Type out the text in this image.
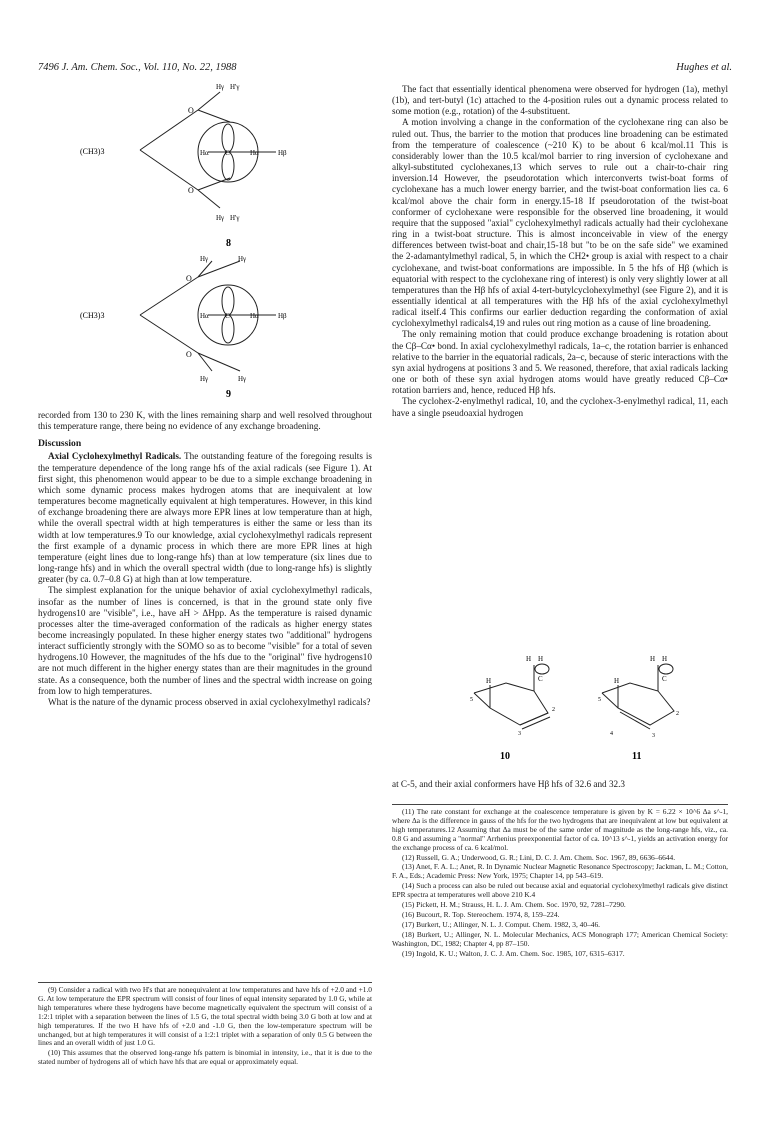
7496 J. Am. Chem. Soc., Vol. 110, No. 22, 1988	Hughes et al.
(CH3)3
O
O
Hγ H'γ
Hγ H'γ
Hα C	Hα	Hβ
8
(CH3)3
O
O
Hγ	Hγ
Hγ	Hγ
Hα C	Hα	Hβ
9

recorded from 130 to 230 K, with the lines remaining sharp and well resolved throughout this temperature range, there being no evidence of any exchange broadening.

Discussion

Axial Cyclohexylmethyl Radicals. The outstanding feature of the foregoing results is the temperature dependence of the long range hfs of the axial radicals (see Figure 1). At first sight, this phenomenon would appear to be due to a simple exchange broadening in which some dynamic process makes hydrogen atoms that are inequivalent at low temperatures become magnetically equivalent at high temperatures. However, in this kind of exchange broadening there are always more EPR lines at low temperature than at high, while the overall spectral width at high temperatures is either the same or less than its width at low temperatures.9 To our knowledge, axial cyclohexylmethyl radicals represent the first example of a dynamic process in which there are more EPR lines at high temperature (eight lines due to long-range hfs) than at low temperature (six lines due to long-range hfs) and in which the overall spectral width (due to long-range hfs) is slightly greater (by ca. 0.7–0.8 G) at high than at low temperature.

The simplest explanation for the unique behavior of axial cyclohexylmethyl radicals, insofar as the number of lines is concerned, is that in the ground state only five hydrogens10 are "visible", i.e., have aH > ΔHpp. As the temperature is raised dynamic processes alter the time-averaged conformation of the radicals as higher energy states become increasingly populated. In these higher energy states two "additional" hydrogens interact sufficiently strongly with the SOMO so as to become "visible" for a total of seven hydrogens.10 However, the magnitudes of the hfs due to the "original" five hydrogens10 are not much different in the higher energy states than are their magnitudes in the ground state. As a consequence, both the number of lines and the spectral width increase on going from low to high temperatures.

What is the nature of the dynamic process observed in axial cyclohexylmethyl radicals?

(9) Consider a radical with two H's that are nonequivalent at low temperatures and have hfs of +2.0 and +1.0 G. At low temperature the EPR spectrum will consist of four lines of equal intensity separated by 1.0 G, while at high temperatures where these hydrogens have become magnetically equivalent the spectrum will consist of a 1:2:1 triplet with a separation between the lines of 1.5 G, the total spectral width being 3.0 G both at low and at high temperatures. If the two H have hfs of +2.0 and -1.0 G, then the low-temperature spectrum will be unchanged, but at high temperatures it will consist of a 1:2:1 triplet with a separation of only 0.5 G between the lines and an overall width of just 1.0 G.

(10) This assumes that the observed long-range hfs pattern is binomial in intensity, i.e., that it is due to the stated number of hydrogens all of which have hfs that are equal or approximately equal.

The fact that essentially identical phenomena were observed for hydrogen (1a), methyl (1b), and tert-butyl (1c) attached to the 4-position rules out a dynamic process related to some motion (e.g., rotation) of the 4-substituent.

A motion involving a change in the conformation of the cyclohexane ring can also be ruled out. Thus, the barrier to the motion that produces line broadening can be estimated from the temperature of coalescence (~210 K) to be about 6 kcal/mol.11 This is considerably lower than the 10.5 kcal/mol barrier to ring inversion of cyclohexane and alkyl-substituted cyclohexanes,13 which serves to rule out a chair-to-chair ring inversion.14 However, the pseudorotation which interconverts twist-boat forms of cyclohexane has a much lower energy barrier, and the twist-boat conformation lies ca. 6 kcal/mol above the chair form in energy.15-18 If pseudorotation of the twist-boat conformer of cyclohexane were responsible for the observed line broadening, it would require that the supposed "axial" cyclohexylmethyl radicals actually had their cyclohexane ring in a twist-boat structure. This is almost inconceivable in view of the energy differences between twist-boat and chair,15-18 but "to be on the safe side" we examined the 2-adamantylmethyl radical, 5, in which the CH2• group is axial with respect to a chair cyclohexane, and twist-boat conformations are impossible. In 5 the hfs of Hβ (which is equatorial with respect to the cyclohexane ring of interest) is only very slightly lower at all temperatures than the Hβ hfs of axial 4-tert-butylcyclohexylmethyl (see Figure 2), and it is essentially identical at all temperatures with the Hβ hfs of the axial cyclohexylmethyl radical itself.4 This confirms our earlier deduction regarding the conformation of axial cyclohexylmethyl radicals4,19 and rules out ring motion as a cause of line broadening.

The only remaining motion that could produce exchange broadening is rotation about the Cβ–Cα• bond. In axial cyclohexylmethyl radicals, 1a–c, the rotation barrier is enhanced relative to the barrier in the equatorial radicals, 2a–c, because of steric interactions with the syn axial hydrogens at positions 3 and 5. We reasoned, therefore, that axial radicals lacking one or both of these syn axial hydrogen atoms would have greatly reduced Cβ–Cα• rotation barriers and, hence, reduced Hβ hfs.

The cyclohex-2-enylmethyl radical, 10, and the cyclohex-3-enylmethyl radical, 11, each have a single pseudoaxial hydrogen

H H
H	C
5
2
3
H H
H	C
5
2
3
4
10	11

at C-5, and their axial conformers have Hβ hfs of 32.6 and 32.3

(11) The rate constant for exchange at the coalescence temperature is given by K = 6.22 × 10^6 Δa s^-1, where Δa is the difference in gauss of the hfs for the two hydrogens that are inequivalent at low but equivalent at high temperatures.12 Assuming that Δa must be of the same order of magnitude as the long-range hfs, viz., ca. 0.8 G and assuming a "normal" Arrhenius preexponential factor of ca. 10^13 s^-1, yields an activation energy for the exchange process of ca. 6 kcal/mol.

(12) Russell, G. A.; Underwood, G. R.; Lini, D. C. J. Am. Chem. Soc. 1967, 89, 6636–6644.

(13) Anet, F. A. L.; Anet, R. In Dynamic Nuclear Magnetic Resonance Spectroscopy; Jackman, L. M.; Cotton, F. A., Eds.; Academic Press: New York, 1975; Chapter 14, pp 543–619.

(14) Such a process can also be ruled out because axial and equatorial cyclohexylmethyl radicals give distinct EPR spectra at temperatures well above 210 K.4

(15) Pickett, H. M.; Strauss, H. L. J. Am. Chem. Soc. 1970, 92, 7281–7290.

(16) Bucourt, R. Top. Stereochem. 1974, 8, 159–224.

(17) Burkert, U.; Allinger, N. L. J. Comput. Chem. 1982, 3, 40–46.

(18) Burkert, U.; Allinger, N. L. Molecular Mechanics, ACS Monograph 177; American Chemical Society: Washington, DC, 1982; Chapter 4, pp 87–150.

(19) Ingold, K. U.; Walton, J. C. J. Am. Chem. Soc. 1985, 107, 6315–6317.
